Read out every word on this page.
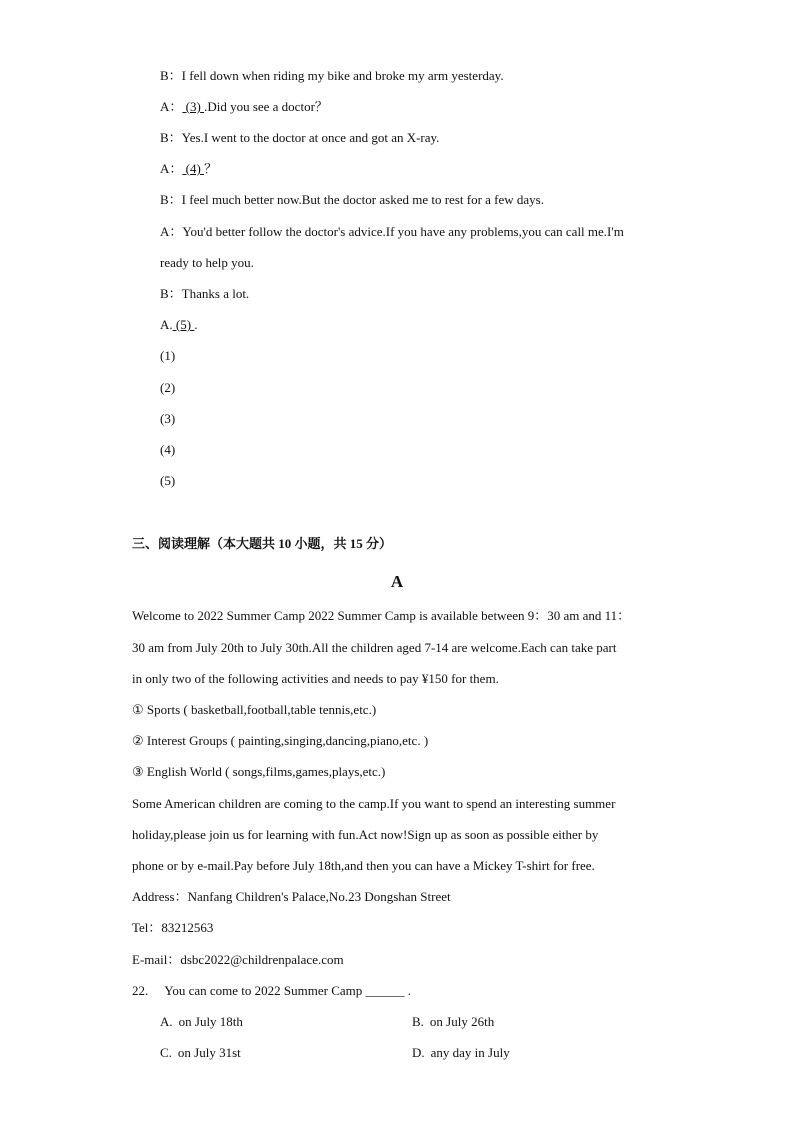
B：I fell down when riding my bike and broke my arm yesterday.
A： (3) .Did you see a doctor？
B：Yes.I went to the doctor at once and got an X-ray.
A： (4) ？
B：I feel much better now.But the doctor asked me to rest for a few days.
A：You'd better follow the doctor's advice.If you have any problems,you can call me.I'm
ready to help you.
B：Thanks a lot.
A. (5) .
(1)
(2)
(3)
(4)
(5)
三、阅读理解（本大题共 10 小题，共 15 分）
A
Welcome to 2022 Summer Camp 2022 Summer Camp is available between 9：30 am and 11：
30 am from July 20th to July 30th.All the children aged 7-14 are welcome.Each can take part
in only two of the following activities and needs to pay ¥150 for them.
① Sports ( basketball,football,table tennis,etc.)
② Interest Groups ( painting,singing,dancing,piano,etc. )
③ English World ( songs,films,games,plays,etc.)
Some American children are coming to the camp.If you want to spend an interesting summer
holiday,please join us for learning with fun.Act now!Sign up as soon as possible either by
phone or by e-mail.Pay before July 18th,and then you can have a Mickey T-shirt for free.
Address：Nanfang Children's Palace,No.23 Dongshan Street
Tel：83212563
E-mail：dsbc2022@childrenpalace.com
22. You can come to 2022 Summer Camp ______ .
A. on July 18th	B. on July 26th
C. on July 31st	D. any day in July
